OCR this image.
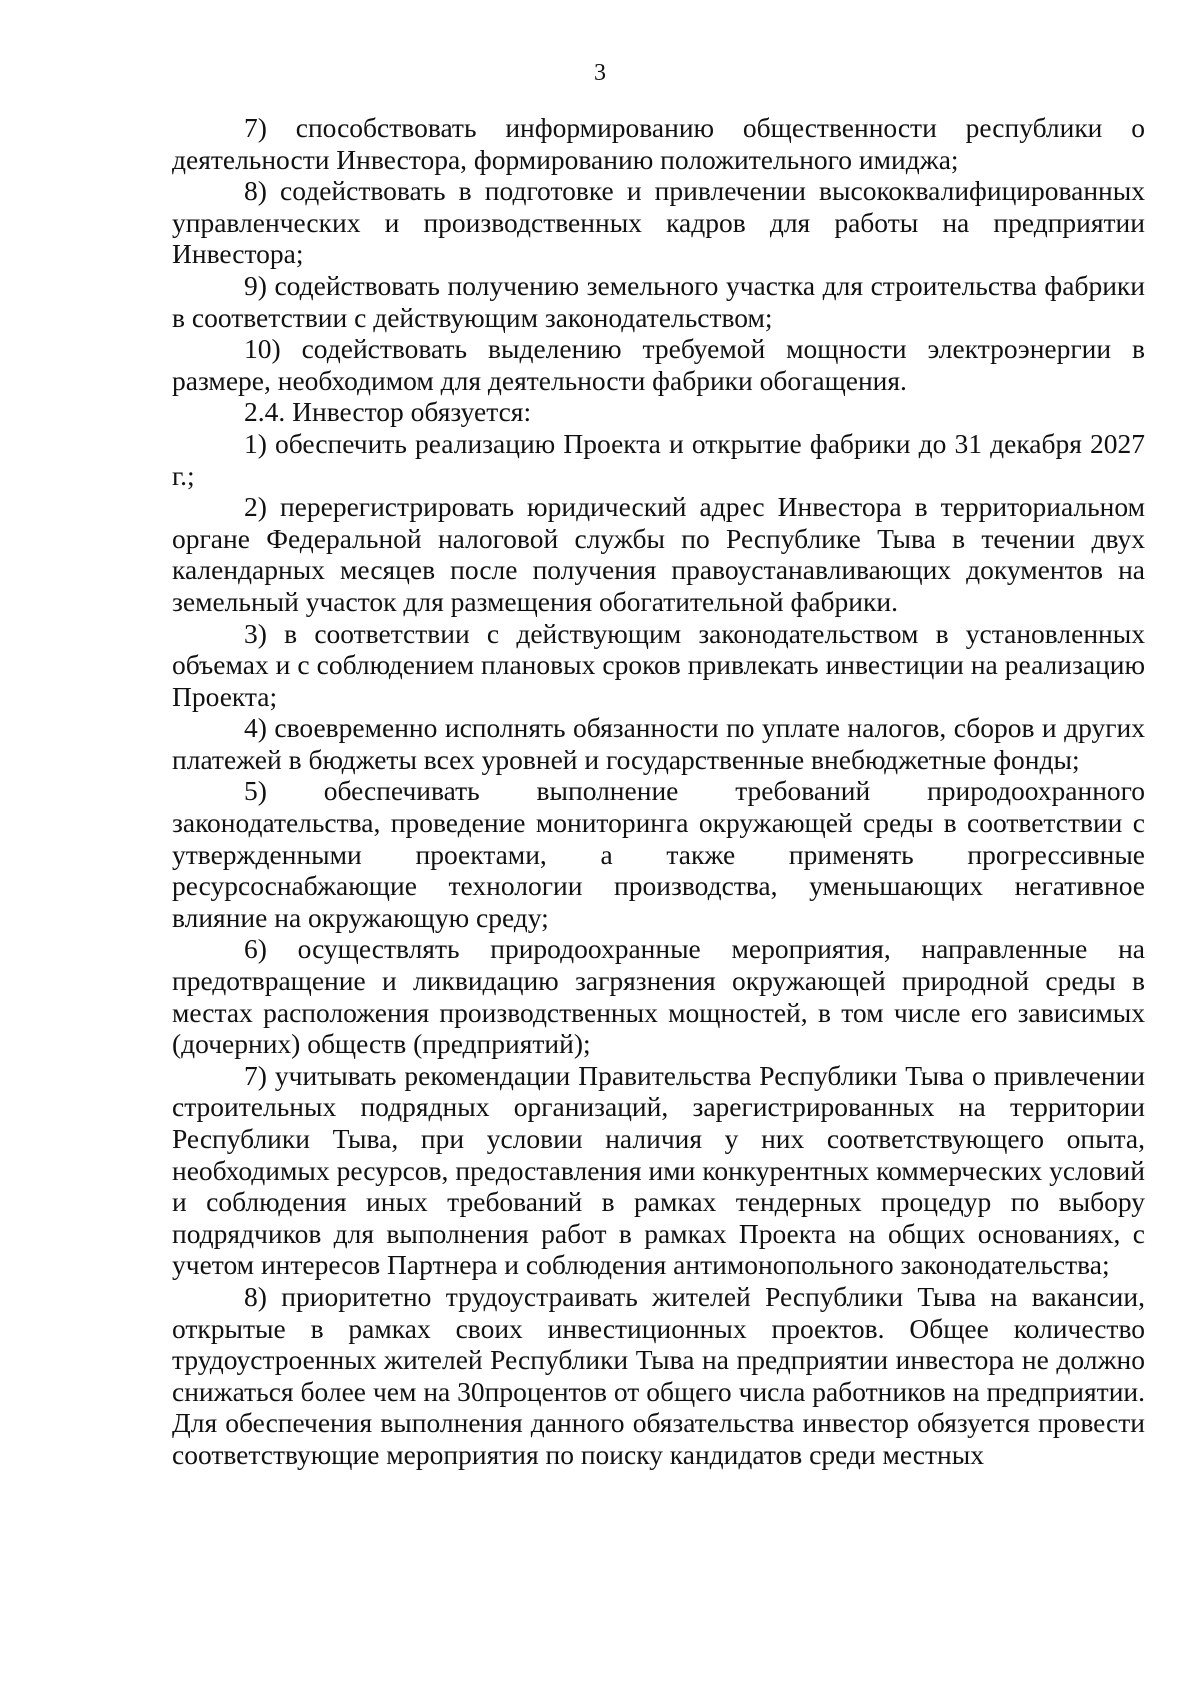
3

7) способствовать информированию общественности республики о деятельности Инвестора, формированию положительного имиджа;

8) содействовать в подготовке и привлечении высококвалифицированных управленческих и производственных кадров для работы на предприятии Инвестора;

9) содействовать получению земельного участка для строительства фабрики в соответствии с действующим законодательством;

10) содействовать выделению требуемой мощности электроэнергии в размере, необходимом для деятельности фабрики обогащения.

2.4. Инвестор обязуется:

1) обеспечить реализацию Проекта и открытие фабрики до 31 декабря 2027 г.;

2) перерегистрировать юридический адрес Инвестора в территориальном органе Федеральной налоговой службы по Республике Тыва в течении двух календарных месяцев после получения правоустанавливающих документов на земельный участок для размещения обогатительной фабрики.

3) в соответствии с действующим законодательством в установленных объемах и с соблюдением плановых сроков привлекать инвестиции на реализацию Проекта;

4) своевременно исполнять обязанности по уплате налогов, сборов и других платежей в бюджеты всех уровней и государственные внебюджетные фонды;

5) обеспечивать выполнение требований природоохранного законодательства, проведение мониторинга окружающей среды в соответствии с утвержденными проектами, а также применять прогрессивные ресурсоснабжающие технологии производства, уменьшающих негативное влияние на окружающую среду;

6) осуществлять природоохранные мероприятия, направленные на предотвращение и ликвидацию загрязнения окружающей природной среды в местах расположения производственных мощностей, в том числе его зависимых (дочерних) обществ (предприятий);

7) учитывать рекомендации Правительства Республики Тыва о привлечении строительных подрядных организаций, зарегистрированных на территории Республики Тыва, при условии наличия у них соответствующего опыта, необходимых ресурсов, предоставления ими конкурентных коммерческих условий и соблюдения иных требований в рамках тендерных процедур по выбору подрядчиков для выполнения работ в рамках Проекта на общих основаниях, с учетом интересов Партнера и соблюдения антимонопольного законодательства;

8) приоритетно трудоустраивать жителей Республики Тыва на вакансии, открытые в рамках своих инвестиционных проектов. Общее количество трудоустроенных жителей Республики Тыва на предприятии инвестора не должно снижаться более чем на 30процентов от общего числа работников на предприятии. Для обеспечения выполнения данного обязательства инвестор обязуется провести соответствующие мероприятия по поиску кандидатов среди местных
